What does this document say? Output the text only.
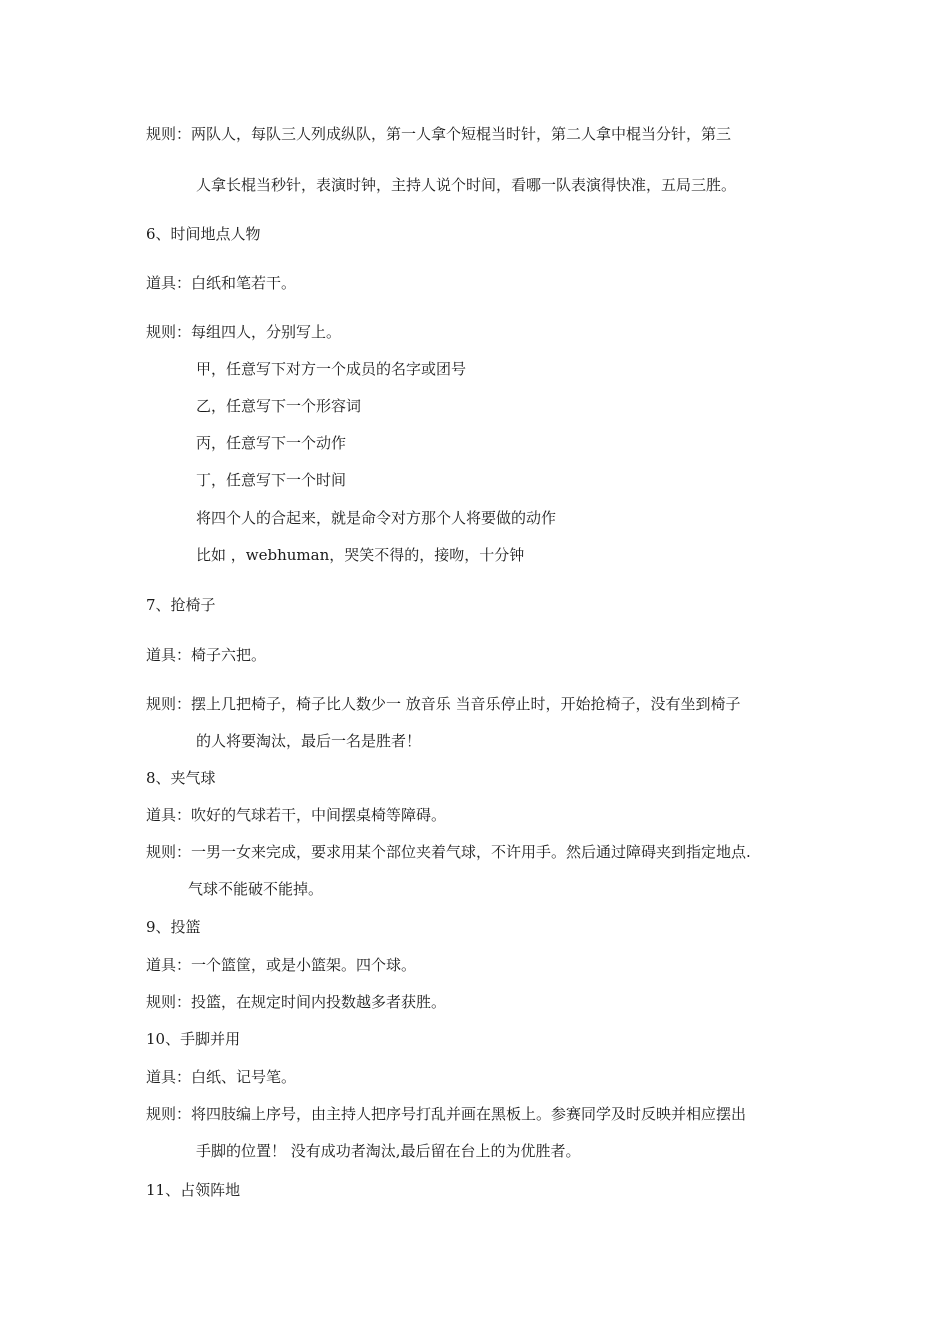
规则：两队人，每队三人列成纵队，第一人拿个短棍当时针，第二人拿中棍当分针，第三
人拿长棍当秒针，表演时钟，主持人说个时间，看哪一队表演得快准，五局三胜。
6、时间地点人物
道具：白纸和笔若干。
规则：每组四人，分别写上。
甲，任意写下对方一个成员的名字或团号
乙，任意写下一个形容词
丙，任意写下一个动作
丁，任意写下一个时间
将四个人的合起来，就是命令对方那个人将要做的动作
比如 ，webhuman，哭笑不得的，接吻，十分钟
7、抢椅子
道具：椅子六把。
规则：摆上几把椅子，椅子比人数少一 放音乐 当音乐停止时，开始抢椅子，没有坐到椅子
的人将要淘汰，最后一名是胜者！
8、夹气球
道具：吹好的气球若干，中间摆桌椅等障碍。
规则：一男一女来完成，要求用某个部位夹着气球，不许用手。然后通过障碍夹到指定地点.
气球不能破不能掉。
9、投篮
道具：一个篮筐，或是小篮架。四个球。
规则：投篮，在规定时间内投数越多者获胜。
10、手脚并用
道具：白纸、记号笔。
规则：将四肢编上序号，由主持人把序号打乱并画在黑板上。参赛同学及时反映并相应摆出
手脚的位置！ 没有成功者淘汰,最后留在台上的为优胜者。
11、占领阵地
